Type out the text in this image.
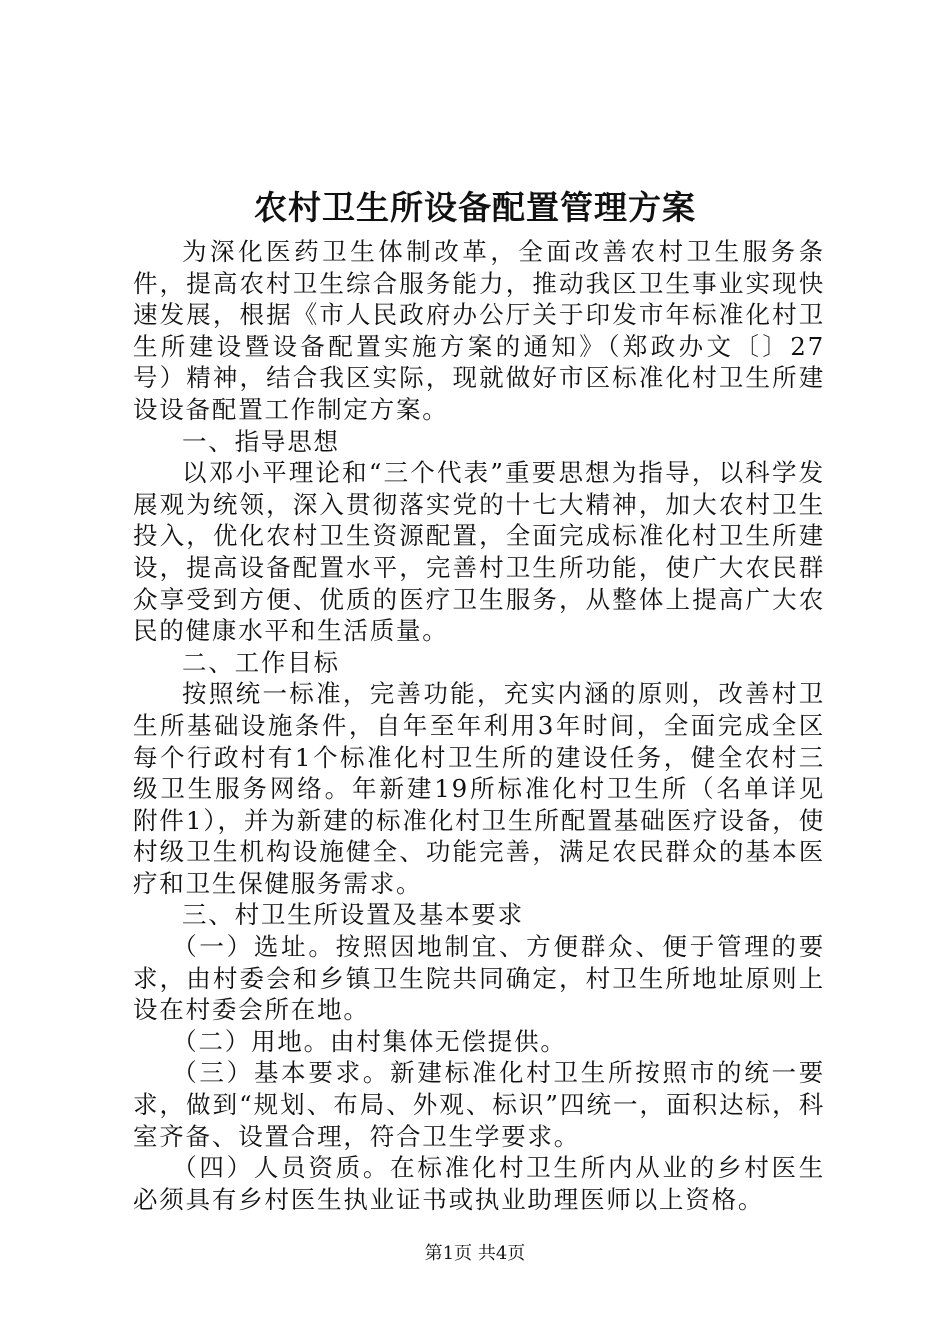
农村卫生所设备配置管理方案

为深化医药卫生体制改革，全面改善农村卫生服务条件，提高农村卫生综合服务能力，推动我区卫生事业实现快速发展，根据《市人民政府办公厅关于印发市年标准化村卫生所建设暨设备配置实施方案的通知》（郑政办文〔〕27号）精神，结合我区实际，现就做好市区标准化村卫生所建设设备配置工作制定方案。

一、指导思想

以邓小平理论和“三个代表”重要思想为指导，以科学发展观为统领，深入贯彻落实党的十七大精神，加大农村卫生投入，优化农村卫生资源配置，全面完成标准化村卫生所建设，提高设备配置水平，完善村卫生所功能，使广大农民群众享受到方便、优质的医疗卫生服务，从整体上提高广大农民的健康水平和生活质量。

二、工作目标

按照统一标准，完善功能，充实内涵的原则，改善村卫生所基础设施条件，自年至年利用3年时间，全面完成全区每个行政村有1个标准化村卫生所的建设任务，健全农村三级卫生服务网络。年新建19所标准化村卫生所（名单详见附件1），并为新建的标准化村卫生所配置基础医疗设备，使村级卫生机构设施健全、功能完善，满足农民群众的基本医疗和卫生保健服务需求。

三、村卫生所设置及基本要求

（一）选址。按照因地制宜、方便群众、便于管理的要求，由村委会和乡镇卫生院共同确定，村卫生所地址原则上设在村委会所在地。

（二）用地。由村集体无偿提供。

（三）基本要求。新建标准化村卫生所按照市的统一要求，做到“规划、布局、外观、标识”四统一，面积达标，科室齐备、设置合理，符合卫生学要求。

（四）人员资质。在标准化村卫生所内从业的乡村医生必须具有乡村医生执业证书或执业助理医师以上资格。

第1页 共4页
